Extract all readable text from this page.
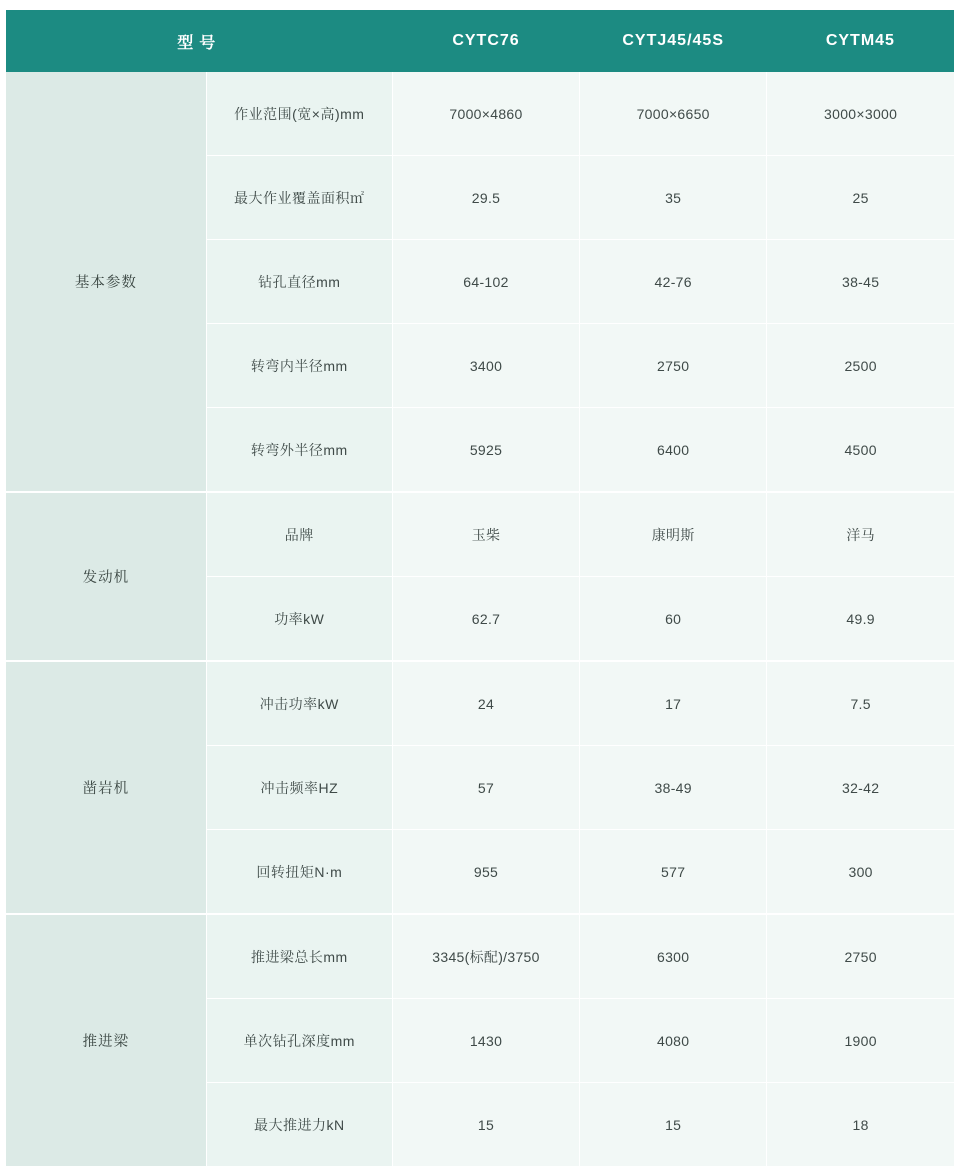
型号		CYTC76	CYTJ45/45S	CYTM45
基本参数	作业范围(宽×高)mm	7000×4860	7000×6650	3000×3000
	最大作业覆盖面积㎡	29.5	35	25
	钻孔直径mm	64-102	42-76	38-45
	转弯内半径mm	3400	2750	2500
	转弯外半径mm	5925	6400	4500
发动机	品牌	玉柴	康明斯	洋马
	功率kW	62.7	60	49.9
凿岩机	冲击功率kW	24	17	7.5
	冲击频率HZ	57	38-49	32-42
	回转扭矩N·m	955	577	300
推进梁	推进梁总长mm	3345(标配)/3750	6300	2750
	单次钻孔深度mm	1430	4080	1900
	最大推进力kN	15	15	18
